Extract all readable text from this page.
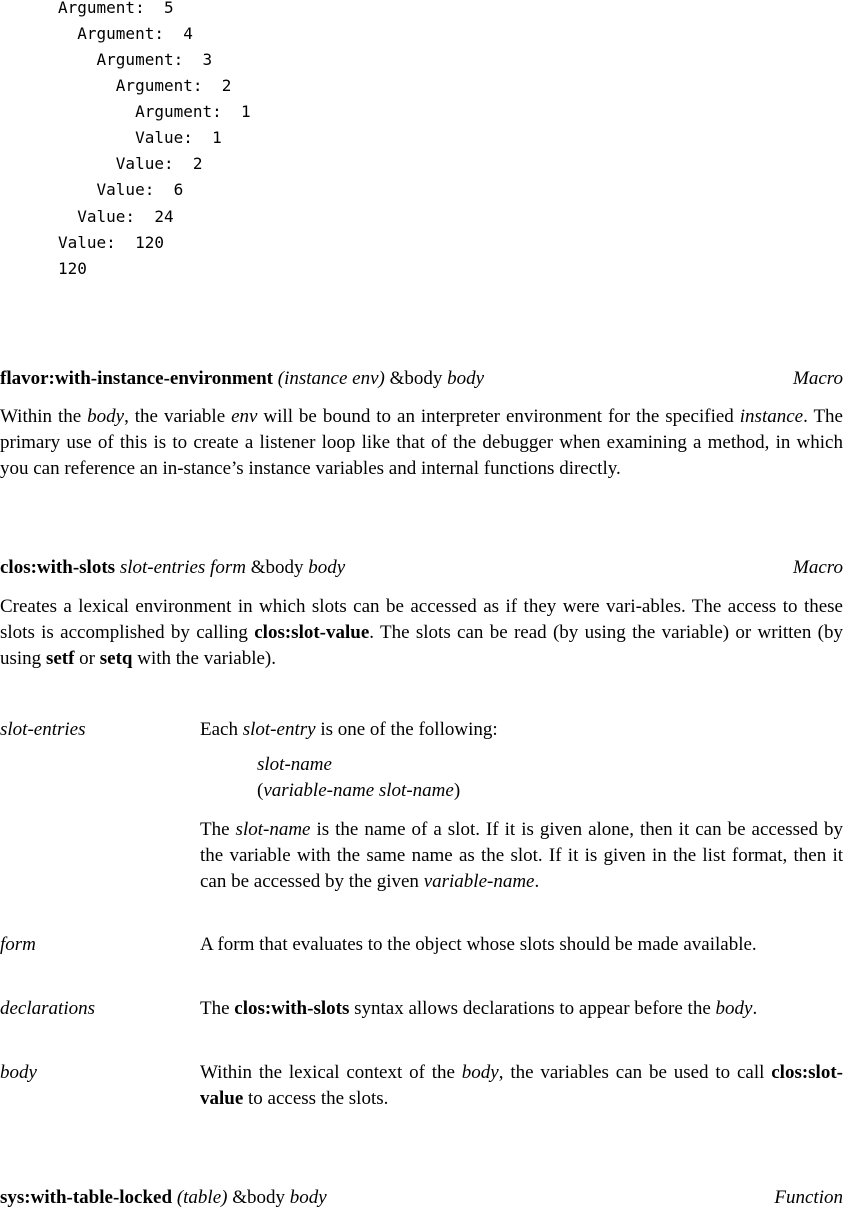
Argument:  5
Argument:  4
Argument:  3
Argument:  2
Argument:  1
Value:  1
Value:  2
Value:  6
Value:  24
Value:  120
120
flavor:with-instance-environment (instance env) &body body	Macro
Within the body, the variable env will be bound to an interpreter environment for the specified instance. The primary use of this is to create a listener loop like that of the debugger when examining a method, in which you can reference an in-stance’s instance variables and internal functions directly.
clos:with-slots slot-entries form &body body	Macro
Creates a lexical environment in which slots can be accessed as if they were vari-ables. The access to these slots is accomplished by calling clos:slot-value. The slots can be read (by using the variable) or written (by using setf or setq with the variable).
slot-entries	Each slot-entry is one of the following:
slot-name
(variable-name slot-name)
The slot-name is the name of a slot. If it is given alone, then it can be accessed by the variable with the same name as the slot. If it is given in the list format, then it can be accessed by the given variable-name.
form	A form that evaluates to the object whose slots should be made available.
declarations	The clos:with-slots syntax allows declarations to appear before the body.
body	Within the lexical context of the body, the variables can be used to call clos:slot-value to access the slots.
sys:with-table-locked (table) &body body	Function
